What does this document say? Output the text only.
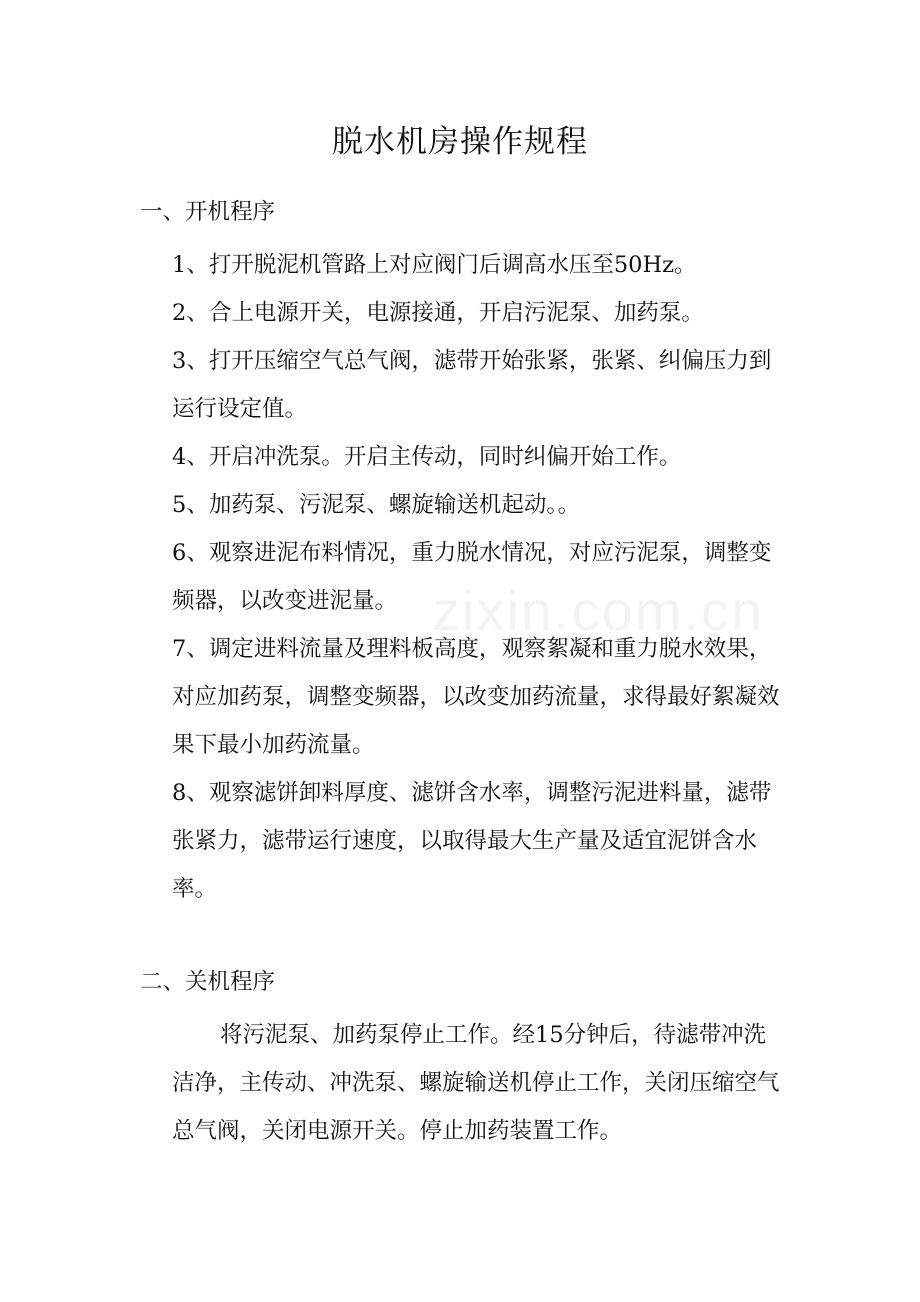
zixin.com.cn
脱水机房操作规程
一、开机程序

1、打开脱泥机管路上对应阀门后调高水压至50Hz。

2、合上电源开关，电源接通，开启污泥泵、加药泵。

3、打开压缩空气总气阀，滤带开始张紧，张紧、纠偏压力到运行设定值。

4、开启冲洗泵。开启主传动，同时纠偏开始工作。

5、加药泵、污泥泵、螺旋输送机起动。。

6、观察进泥布料情况，重力脱水情况，对应污泥泵，调整变频器，以改变进泥量。

7、调定进料流量及理料板高度，观察絮凝和重力脱水效果，对应加药泵，调整变频器，以改变加药流量，求得最好絮凝效果下最小加药流量。

8、观察滤饼卸料厚度、滤饼含水率，调整污泥进料量，滤带张紧力，滤带运行速度，以取得最大生产量及适宜泥饼含水率。

二、关机程序
将污泥泵、加药泵停止工作。经15分钟后，待滤带冲洗洁净，主传动、冲洗泵、螺旋输送机停止工作，关闭压缩空气总气阀，关闭电源开关。停止加药装置工作。
